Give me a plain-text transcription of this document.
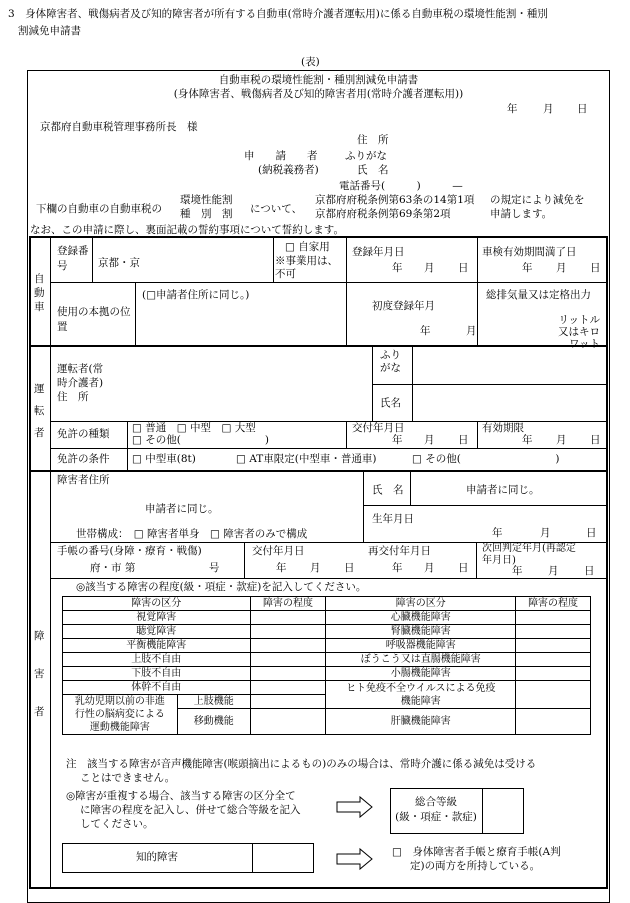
3　身体障害者、戦傷病者及び知的障害者が所有する自動車(常時介護者運転用)に係る自動車税の環境性能割・種別
割減免申請書
(表)
自動車税の環境性能割・種別割減免申請書
(身体障害者、戦傷病者及び知的障害者用(常時介護者運転用))
年 月 日
京都府自動車税管理事務所長　様
住　所
申　　請　　者	ふりがな
(納税義務者)	氏　名
電話番号(　　　)　　　—
下欄の自動車の自動車税の
環境性能割
種　別　割 について、
京都府府税条例第63条の14第1項
京都府府税条例第69条第2項
の規定により減免を
申請します。
なお、この申請に際し、裏面記載の誓約事項について誓約します。
自動車
登録番号	京都・京
□ 自家用
※事業用は、不可
登録年月日
年 月 日
車検有効期間満了日
年 月 日
使用の本拠の位置
(□申請者住所に同じ。)
初度登録年月
年	月
総排気量又は定格出力
リットル
又はキロ
ワット
運転者
運転者(常
時介護者)
住　所
ふりがな
氏名
免許の種類 □ 普通　□ 中型　□ 大型
□ その他(　　　　　　　　)
交付年月日
年 月 日
有効期限
年 月 日
免許の条件 □ 中型車(8t)	□ AT車限定(中型車・普通車)	□ その他(　　　　　　　　　)
障害者
障害者住所
申請者に同じ。
世帯構成：　□ 障害者単身　□ 障害者のみで構成
氏　名	申請者に同じ。
生年月日
年	月	日
手帳の番号(身障・療育・戦傷)
府・市 第　　　　　　　号
交付年月日
年 月 日
再交付年月日
年 月 日
次回判定年月(再認定
年月日)
年 月 日
◎該当する障害の程度(級・項症・款症)を記入してください。
障害の区分		障害の程度	障害の区分	障害の程度
視覚障害			心臓機能障害	
聴覚障害			腎臓機能障害	
平衡機能障害			呼吸器機能障害	
上肢不自由			ぼうこう又は直腸機能障害	
下肢不自由			小腸機能障害	
体幹不自由			ヒト免疫不全ウイルスによる免疫
機能障害	
乳幼児期以前の非進
行性の脳病変による
運動機能障害	上肢機能			
	移動機能		肝臓機能障害	

注　該当する障害が音声機能障害(喉頭摘出によるもの)のみの場合は、常時介護に係る減免は受ける
ことはできません。
◎障害が重複する場合、該当する障害の区分全て
に障害の程度を記入し、併せて総合等級を記入
してください。
総合等級
(級・項症・款症)
知的障害	□　身体障害者手帳と療育手帳(A判
定)の両方を所持している。
